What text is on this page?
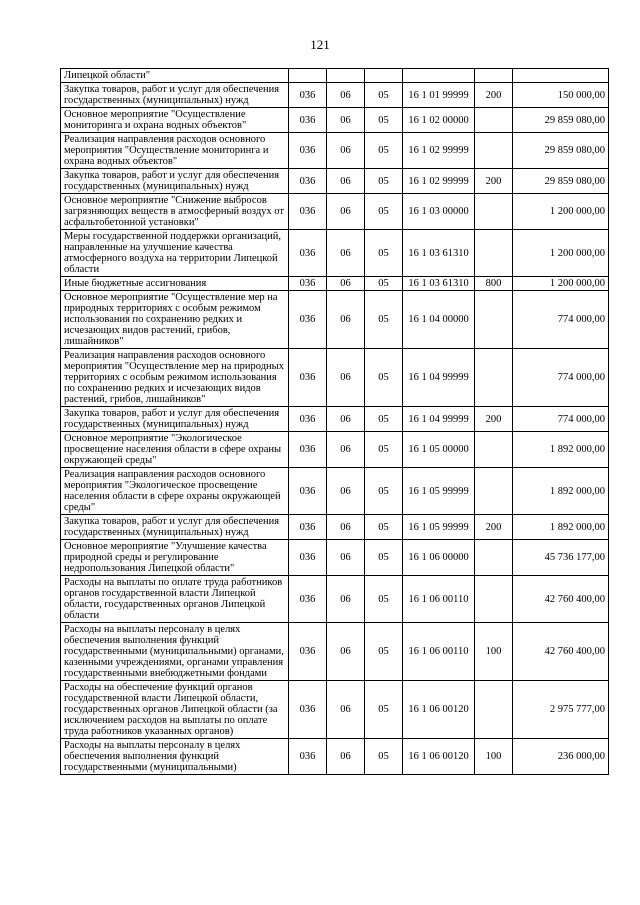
121
Липецкой области"						
Закупка товаров, работ и услуг для обеспечения государственных (муниципальных) нужд	036	06	05	16 1 01 99999	200	150 000,00
Основное мероприятие "Осуществление мониторинга и охрана водных объектов"	036	06	05	16 1 02 00000		29 859 080,00
Реализация направления расходов основного мероприятия "Осуществление мониторинга и охрана водных объектов"	036	06	05	16 1 02 99999		29 859 080,00
Закупка товаров, работ и услуг для обеспечения государственных (муниципальных) нужд	036	06	05	16 1 02 99999	200	29 859 080,00
Основное мероприятие "Снижение выбросов загрязняющих веществ в атмосферный воздух от асфальтобетонной установки"	036	06	05	16 1 03 00000		1 200 000,00
Меры государственной поддержки организаций, направленные на улучшение качества атмосферного воздуха на территории Липецкой области	036	06	05	16 1 03 61310		1 200 000,00
Иные бюджетные ассигнования	036	06	05	16 1 03 61310	800	1 200 000,00
Основное мероприятие "Осуществление мер на природных территориях с особым режимом использования по сохранению редких и исчезающих видов растений, грибов, лишайников"	036	06	05	16 1 04 00000		774 000,00
Реализация направления расходов основного мероприятия "Осуществление мер на природных территориях с особым режимом использования по сохранению редких и исчезающих видов растений, грибов, лишайников"	036	06	05	16 1 04 99999		774 000,00
Закупка товаров, работ и услуг для обеспечения государственных (муниципальных) нужд	036	06	05	16 1 04 99999	200	774 000,00
Основное мероприятие "Экологическое просвещение населения области в сфере охраны окружающей среды"	036	06	05	16 1 05 00000		1 892 000,00
Реализация направления расходов основного мероприятия "Экологическое просвещение населения области в сфере охраны окружающей среды"	036	06	05	16 1 05 99999		1 892 000,00
Закупка товаров, работ и услуг для обеспечения государственных (муниципальных) нужд	036	06	05	16 1 05 99999	200	1 892 000,00
Основное мероприятие "Улучшение качества природной среды и регулирование недропользования Липецкой области"	036	06	05	16 1 06 00000		45 736 177,00
Расходы на выплаты по оплате труда работников органов государственной власти Липецкой области, государственных органов Липецкой области	036	06	05	16 1 06 00110		42 760 400,00
Расходы на выплаты персоналу в целях обеспечения выполнения функций государственными (муниципальными) органами, казенными учреждениями, органами управления государственными внебюджетными фондами	036	06	05	16 1 06 00110	100	42 760 400,00
Расходы на обеспечение функций органов государственной власти Липецкой области, государственных органов Липецкой области (за исключением расходов на выплаты по оплате труда работников указанных органов)	036	06	05	16 1 06 00120		2 975 777,00
Расходы на выплаты персоналу в целях обеспечения выполнения функций государственными (муниципальными)	036	06	05	16 1 06 00120	100	236 000,00
